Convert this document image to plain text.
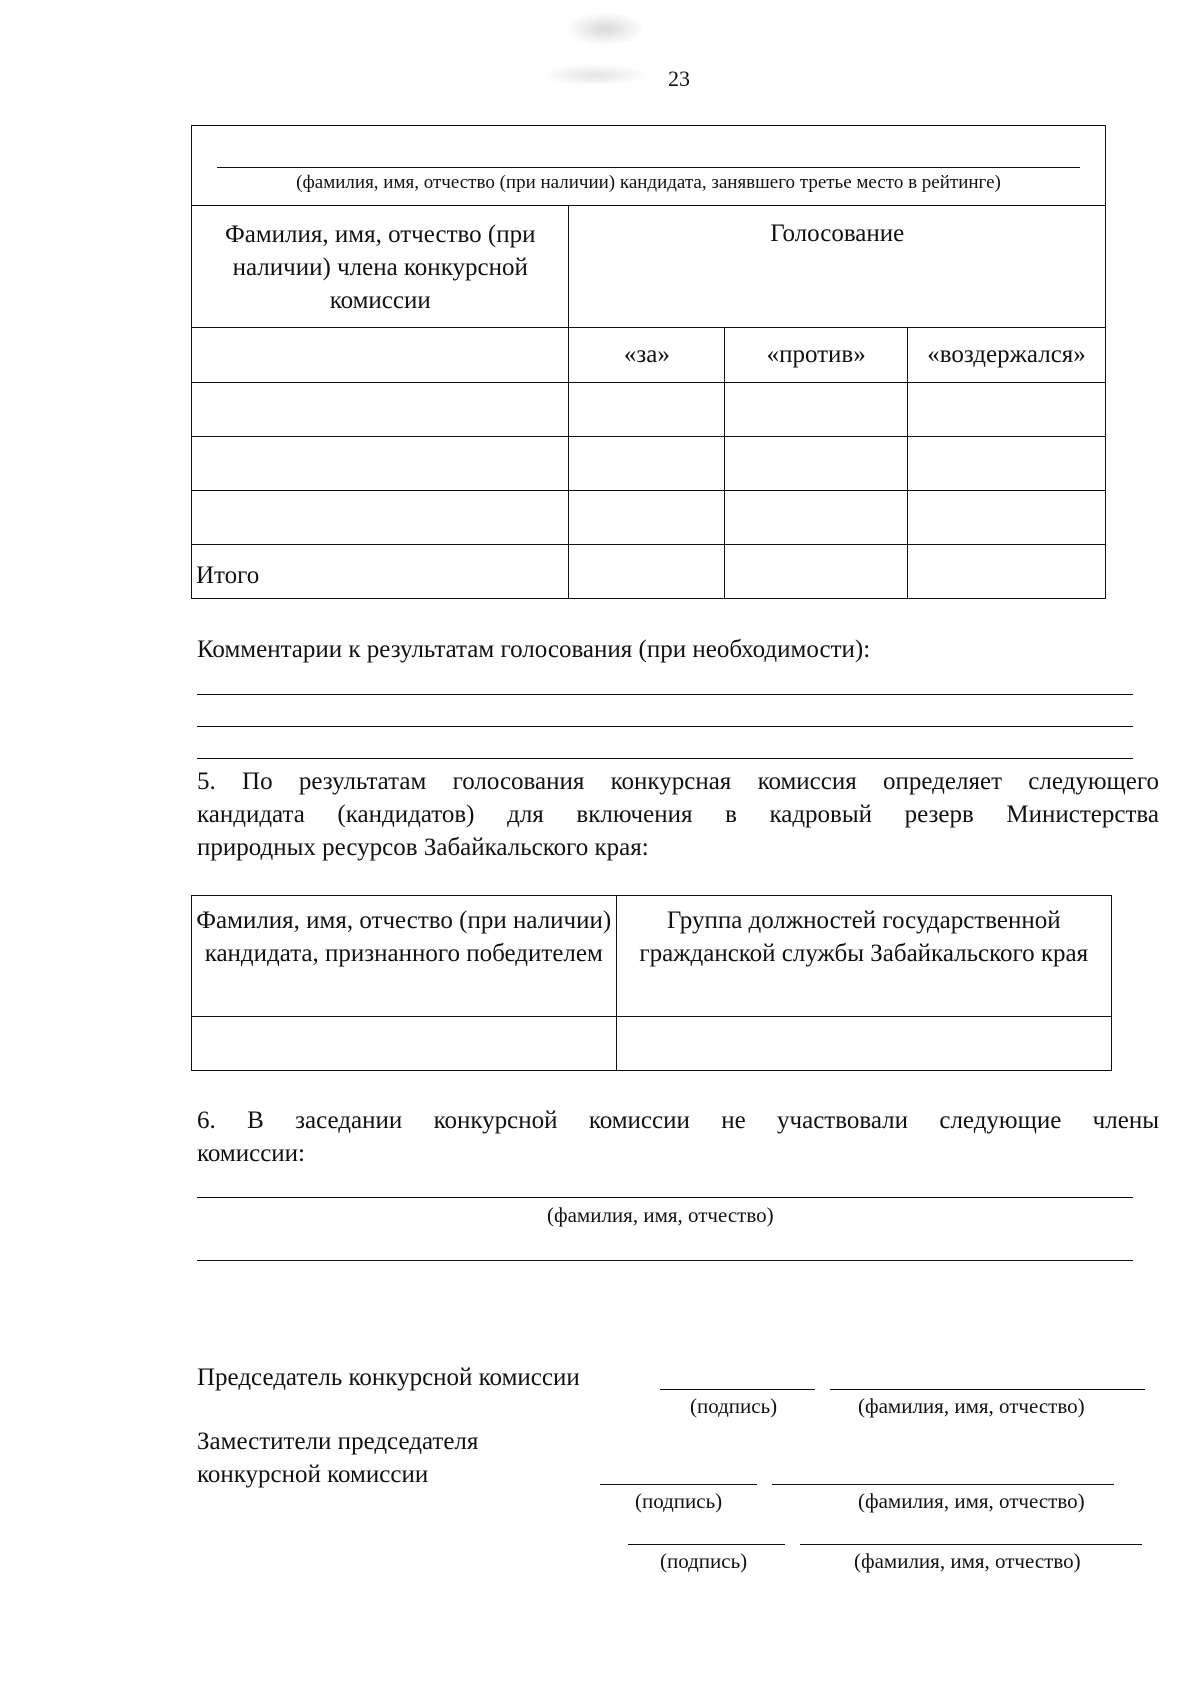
23
(фамилия, имя, отчество (при наличии) кандидата, занявшего третье место в рейтинге)			

Фамилия, имя, отчество (при наличии) члена конкурсной комиссии	Голосование		
	«за»	«против»	«воздержался»

Итого			
Комментарии к результатам голосования (при необходимости):
5. По результатам голосования конкурсная комиссия определяет следующего
кандидата (кандидатов) для включения в кадровый резерв Министерства
природных ресурсов Забайкальского края:
Фамилия, имя, отчество (при наличии) кандидата, признанного победителем	Группа должностей государственной гражданской службы Забайкальского края

6. В заседании конкурсной комиссии не участвовали следующие члены
комиссии:
(фамилия, имя, отчество)
Председатель конкурсной комиссии
(подпись)	(фамилия, имя, отчество)
Заместители председателя
конкурсной комиссии
(подпись)	(фамилия, имя, отчество)
(подпись)	(фамилия, имя, отчество)
